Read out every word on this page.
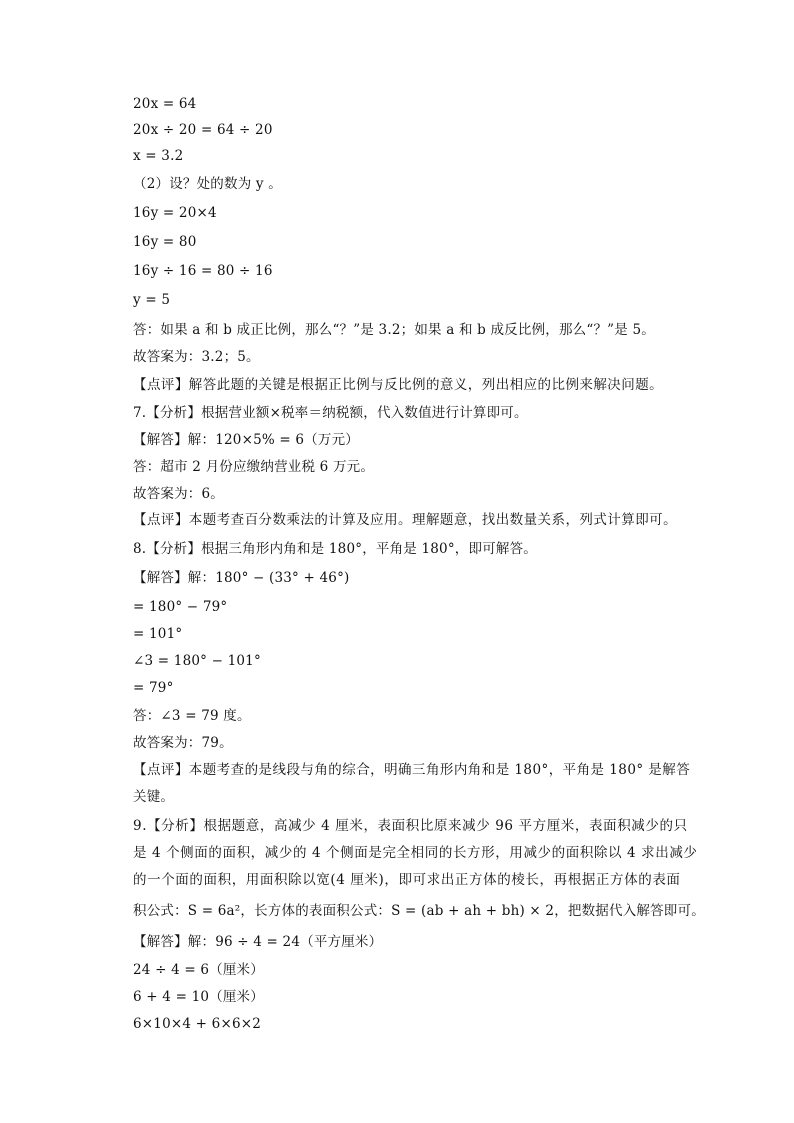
20x = 64
20x ÷ 20 = 64 ÷ 20
x = 3.2
（2）设？处的数为 y 。
16y = 20×4
16y = 80
16y ÷ 16 = 80 ÷ 16
y = 5
答：如果 a 和 b 成正比例，那么“？”是 3.2；如果 a 和 b 成反比例，那么“？”是 5。
故答案为：3.2；5。
【点评】解答此题的关键是根据正比例与反比例的意义，列出相应的比例来解决问题。
7.【分析】根据营业额×税率＝纳税额，代入数值进行计算即可。
【解答】解：120×5% = 6（万元）
答：超市 2 月份应缴纳营业税 6 万元。
故答案为：6。
【点评】本题考查百分数乘法的计算及应用。理解题意，找出数量关系，列式计算即可。
8.【分析】根据三角形内角和是 180°，平角是 180°，即可解答。
【解答】解：180° − (33° + 46°)
= 180° − 79°
= 101°
∠3 = 180° − 101°
= 79°
答：∠3 = 79 度。
故答案为：79。
【点评】本题考查的是线段与角的综合，明确三角形内角和是 180°，平角是 180° 是解答
关键。
9.【分析】根据题意，高减少 4 厘米，表面积比原来减少 96 平方厘米，表面积减少的只
是 4 个侧面的面积，减少的 4 个侧面是完全相同的长方形，用减少的面积除以 4 求出减少
的一个面的面积，用面积除以宽(4 厘米)，即可求出正方体的棱长，再根据正方体的表面
积公式：S = 6a²，长方体的表面积公式：S = (ab + ah + bh) × 2，把数据代入解答即可。
【解答】解：96 ÷ 4 = 24（平方厘米）
24 ÷ 4 = 6（厘米）
6 + 4 = 10（厘米）
6×10×4 + 6×6×2
